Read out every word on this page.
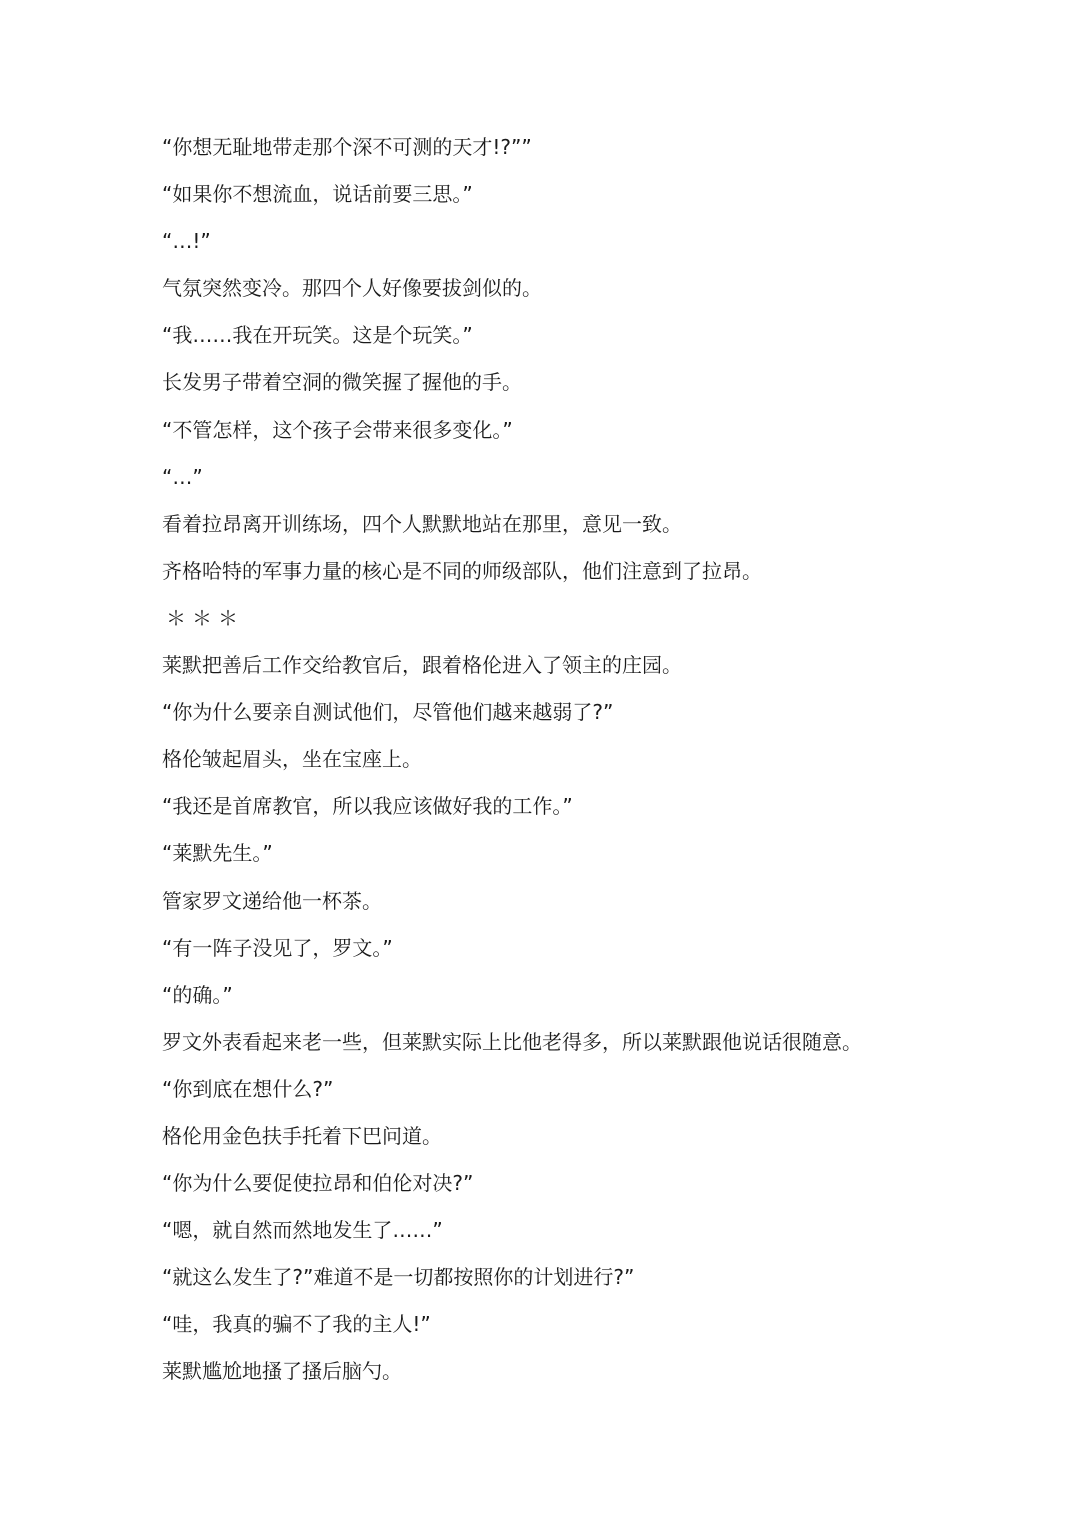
“你想无耻地带走那个深不可测的天才!?””

“如果你不想流血，说话前要三思。”

“…!”

气氛突然变冷。那四个人好像要拔剑似的。

“我……我在开玩笑。这是个玩笑。”

长发男子带着空洞的微笑握了握他的手。

“不管怎样，这个孩子会带来很多变化。”

“…”

看着拉昂离开训练场，四个人默默地站在那里，意见一致。

齐格哈特的军事力量的核心是不同的师级部队，他们注意到了拉昂。

＊＊＊

莱默把善后工作交给教官后，跟着格伦进入了领主的庄园。

“你为什么要亲自测试他们，尽管他们越来越弱了?”

格伦皱起眉头，坐在宝座上。

“我还是首席教官，所以我应该做好我的工作。”

“莱默先生。”

管家罗文递给他一杯茶。

“有一阵子没见了，罗文。”

“的确。”

罗文外表看起来老一些，但莱默实际上比他老得多，所以莱默跟他说话很随意。

“你到底在想什么?”

格伦用金色扶手托着下巴问道。

“你为什么要促使拉昂和伯伦对决?”

“嗯，就自然而然地发生了……”

“就这么发生了?”难道不是一切都按照你的计划进行?”

“哇，我真的骗不了我的主人!”

莱默尴尬地搔了搔后脑勺。
